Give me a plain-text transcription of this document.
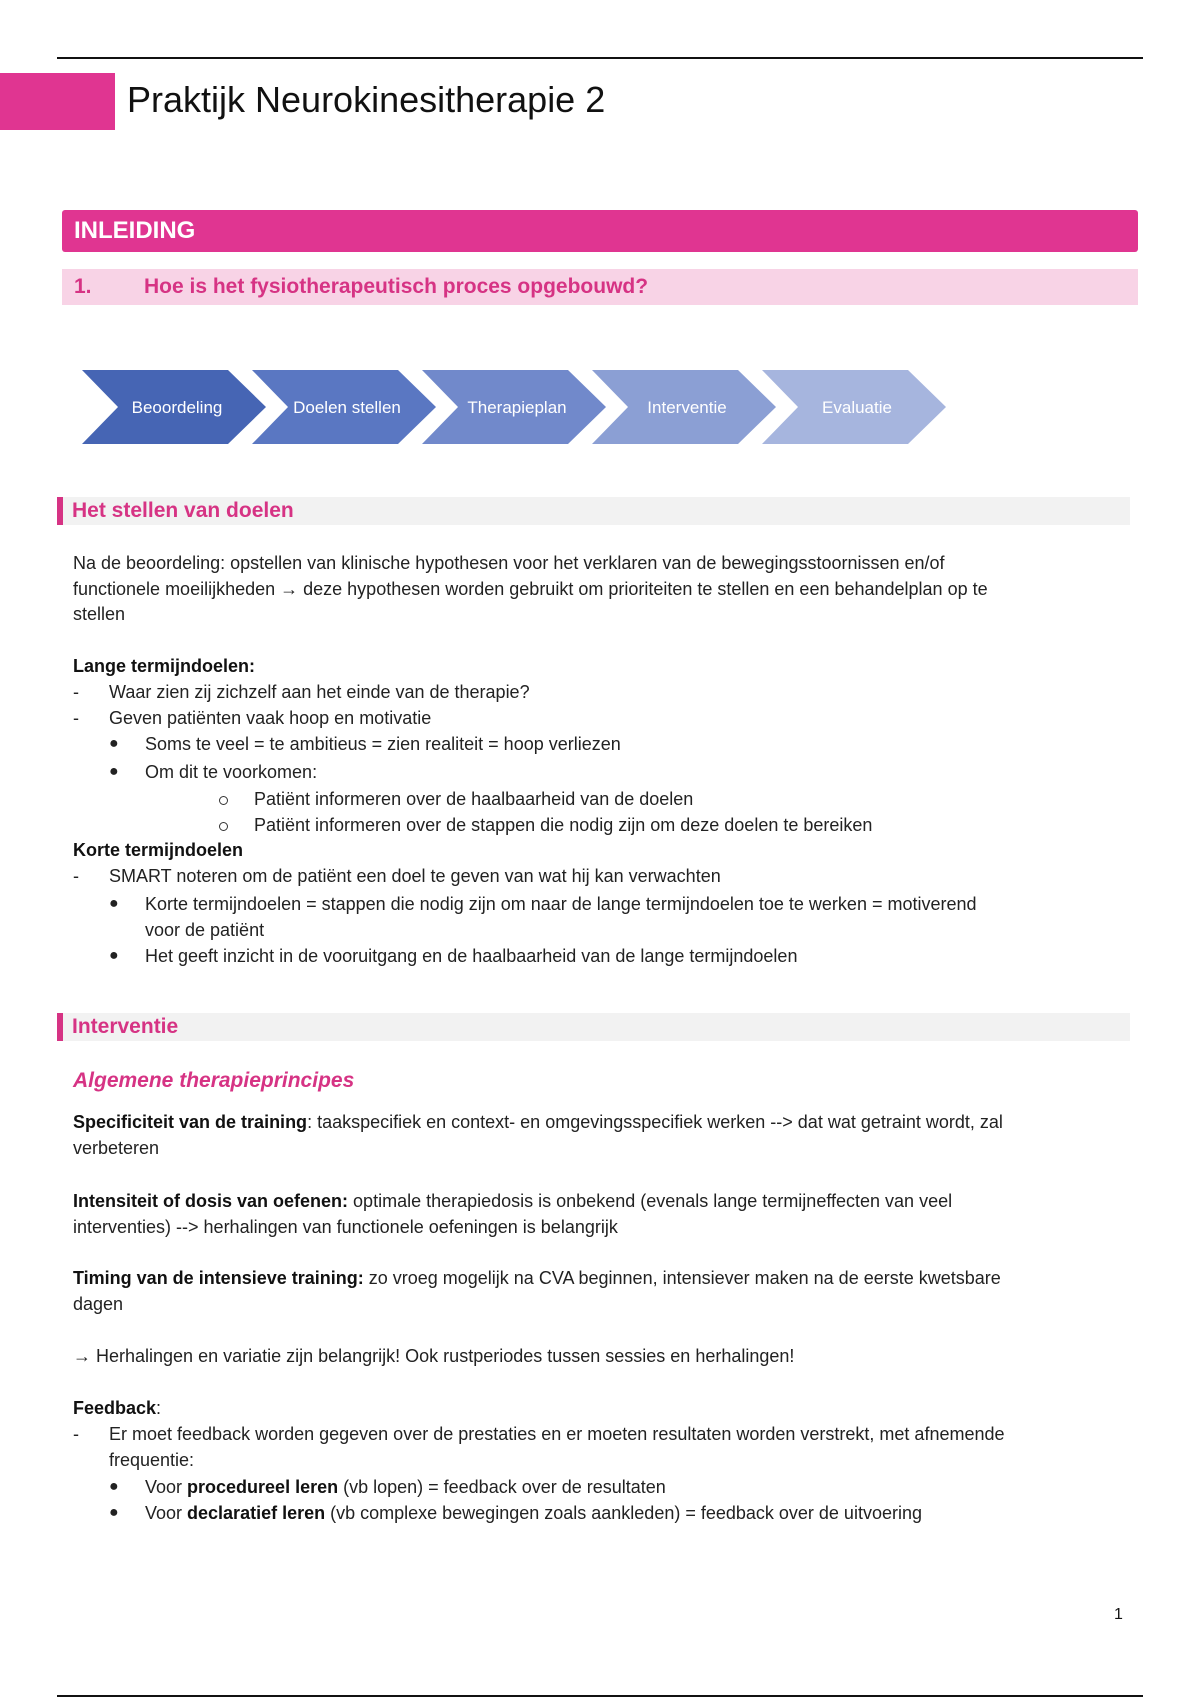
Praktijk Neurokinesitherapie 2
INLEIDING
1. Hoe is het fysiotherapeutisch proces opgebouwd?
Beoordeling	Doelen stellen	Therapieplan	Interventie	Evaluatie
Het stellen van doelen
Na de beoordeling: opstellen van klinische hypothesen voor het verklaren van de bewegingsstoornissen en/of
functionele moeilijkheden → deze hypothesen worden gebruikt om prioriteiten te stellen en een behandelplan op te
stellen
Lange termijndoelen:
- Waar zien zij zichzelf aan het einde van de therapie?
- Geven patiënten vaak hoop en motivatie
● Soms te veel = te ambitieus = zien realiteit = hoop verliezen
● Om dit te voorkomen:
Patiënt informeren over de haalbaarheid van de doelen
Patiënt informeren over de stappen die nodig zijn om deze doelen te bereiken
Korte termijndoelen
- SMART noteren om de patiënt een doel te geven van wat hij kan verwachten
● Korte termijndoelen = stappen die nodig zijn om naar de lange termijndoelen toe te werken = motiverend
voor de patiënt
● Het geeft inzicht in de vooruitgang en de haalbaarheid van de lange termijndoelen
Interventie
Algemene therapieprincipes
Specificiteit van de training: taakspecifiek en context- en omgevingsspecifiek werken --> dat wat getraint wordt, zal
verbeteren
Intensiteit of dosis van oefenen: optimale therapiedosis is onbekend (evenals lange termijneffecten van veel
interventies) --> herhalingen van functionele oefeningen is belangrijk
Timing van de intensieve training: zo vroeg mogelijk na CVA beginnen, intensiever maken na de eerste kwetsbare
dagen
→ Herhalingen en variatie zijn belangrijk! Ook rustperiodes tussen sessies en herhalingen!
Feedback:
- Er moet feedback worden gegeven over de prestaties en er moeten resultaten worden verstrekt, met afnemende
frequentie:
● Voor procedureel leren (vb lopen) = feedback over de resultaten
● Voor declaratief leren (vb complexe bewegingen zoals aankleden) = feedback over de uitvoering
1
